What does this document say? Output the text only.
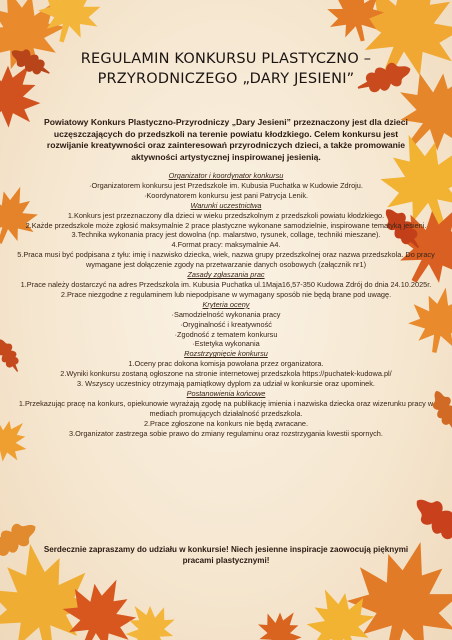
REGULAMIN KONKURSU PLASTYCZNO –
PRZYRODNICZEGO „DARY JESIENI”
Powiatowy Konkurs Plastyczno-Przyrodniczy „Dary Jesieni” przeznaczony jest dla dzieci uczęszczających do przedszkoli na terenie powiatu kłodzkiego. Celem konkursu jest rozwijanie kreatywności oraz zainteresowań przyrodniczych dzieci, a także promowanie aktywności artystycznej inspirowanej jesienią.
Organizator i koordynator konkursu
·Organizatorem konkursu jest Przedszkole im. Kubusia Puchatka w Kudowie Zdroju.
·Koordynatorem konkursu jest pani Patrycja Lenik.
Warunki uczestnictwa
1.Konkurs jest przeznaczony dla dzieci w wieku przedszkolnym z przedszkoli powiatu kłodzkiego.
2.Każde przedszkole może zgłosić maksymalnie 2 prace plastyczne wykonane samodzielnie, inspirowane tematyką jesieni.
3.Technika wykonania pracy jest dowolna (np. malarstwo, rysunek, collage, techniki mieszane).
4.Format pracy: maksymalnie A4.
5.Praca musi być podpisana z tyłu: imię i nazwisko dziecka, wiek, nazwa grupy przedszkolnej oraz nazwa przedszkola. Do pracy wymagane jest dołączenie zgody na przetwarzanie danych osobowych (załącznik nr1)
Zasady zgłaszania prac
1.Prace należy dostarczyć na adres Przedszkola im. Kubusia Puchatka ul.1Maja16,57-350 Kudowa Zdrój do dnia 24.10.2025r.
2.Prace niezgodne z regulaminem lub niepodpisane w wymagany sposób nie będą brane pod uwagę.
Kryteria oceny
·Samodzielność wykonania pracy
·Oryginalność i kreatywność
·Zgodność z tematem konkursu
·Estetyka wykonania
Rozstrzygnięcie konkursu
1.Oceny prac dokona komisja powołana przez organizatora.
2.Wyniki konkursu zostaną ogłoszone na stronie internetowej przedszkola https://puchatek-kudowa.pl/
3. Wszyscy uczestnicy otrzymają pamiątkowy dyplom za udział w konkursie oraz upominek.
Postanowienia końcowe
1.Przekazując pracę na konkurs, opiekunowie wyrażają zgodę na publikację imienia i nazwiska dziecka oraz wizerunku pracy w mediach promujących działalność przedszkola.
2.Prace zgłoszone na konkurs nie będą zwracane.
3.Organizator zastrzega sobie prawo do zmiany regulaminu oraz rozstrzygania kwestii spornych.
Serdecznie zapraszamy do udziału w konkursie! Niech jesienne inspiracje zaowocują pięknymi pracami plastycznymi!
